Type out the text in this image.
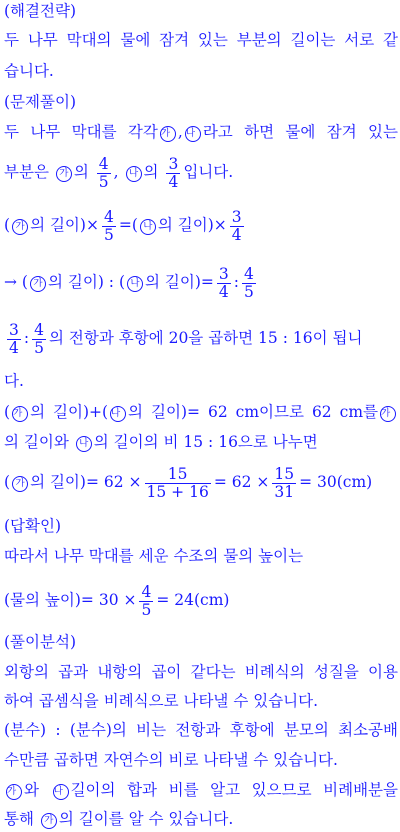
(해결전략)
두 나무 막대의 물에 잠겨 있는 부분의 길이는 서로 같
습니다.
(문제풀이)
두 나무 막대를 각각 가 , 나 라고 하면 물에 잠겨 있는
부분은 가 의 $\frac{4}{5}$ , 나 의 $\frac{3}{4}$ 입니다.
( 가 의 길이)× $\frac{4}{5}$ =( 나 의 길이)× $\frac{3}{4}$
→ ( 가 의 길이) : ( 나 의 길이)= $\frac{3}{4}$ : $\frac{4}{5}$
$\frac{3}{4}$ : $\frac{4}{5}$ 의 전항과 후항에 20을 곱하면 15 : 16이 됩니
다.
( 가 의 길이)+( 나 의 길이)= 62 cm이므로 62 cm를 가
의 길이와 나 의 길이의 비 15 : 16으로 나누면
( 가 의 길이)= $62 \times \frac{15}{15 + 16} = 62 \times \frac{15}{31} = 30(cm)$
(답확인)
따라서 나무 막대를 세운 수조의 물의 높이는
(물의 높이)= $30 \times \frac{4}{5} = 24(cm)$
(풀이분석)
외항의 곱과 내항의 곱이 같다는 비례식의 성질을 이용
하여 곱셈식을 비례식으로 나타낼 수 있습니다.
(분수) : (분수)의 비는 전항과 후항에 분모의 최소공배
수만큼 곱하면 자연수의 비로 나타낼 수 있습니다.
가 와 나 길이의 합과 비를 알고 있으므로 비례배분을
통해 가 의 길이를 알 수 있습니다.
